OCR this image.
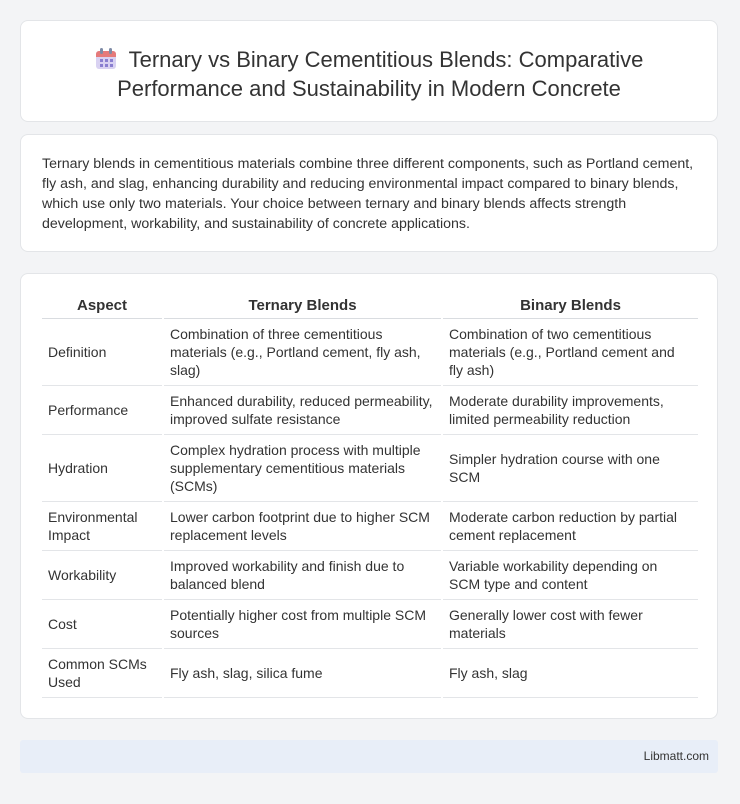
Ternary vs Binary Cementitious Blends: Comparative Performance and Sustainability in Modern Concrete

Ternary blends in cementitious materials combine three different components, such as Portland cement, fly ash, and slag, enhancing durability and reducing environmental impact compared to binary blends, which use only two materials. Your choice between ternary and binary blends affects strength development, workability, and sustainability of concrete applications.

Aspect	Ternary Blends	Binary Blends
Definition	Combination of three cementitious materials (e.g., Portland cement, fly ash, slag)	Combination of two cementitious materials (e.g., Portland cement and fly ash)
Performance	Enhanced durability, reduced permeability, improved sulfate resistance	Moderate durability improvements, limited permeability reduction
Hydration	Complex hydration process with multiple supplementary cementitious materials (SCMs)	Simpler hydration course with one SCM
Environmental Impact	Lower carbon footprint due to higher SCM replacement levels	Moderate carbon reduction by partial cement replacement
Workability	Improved workability and finish due to balanced blend	Variable workability depending on SCM type and content
Cost	Potentially higher cost from multiple SCM sources	Generally lower cost with fewer materials
Common SCMs Used	Fly ash, slag, silica fume	Fly ash, slag
Libmatt.com
